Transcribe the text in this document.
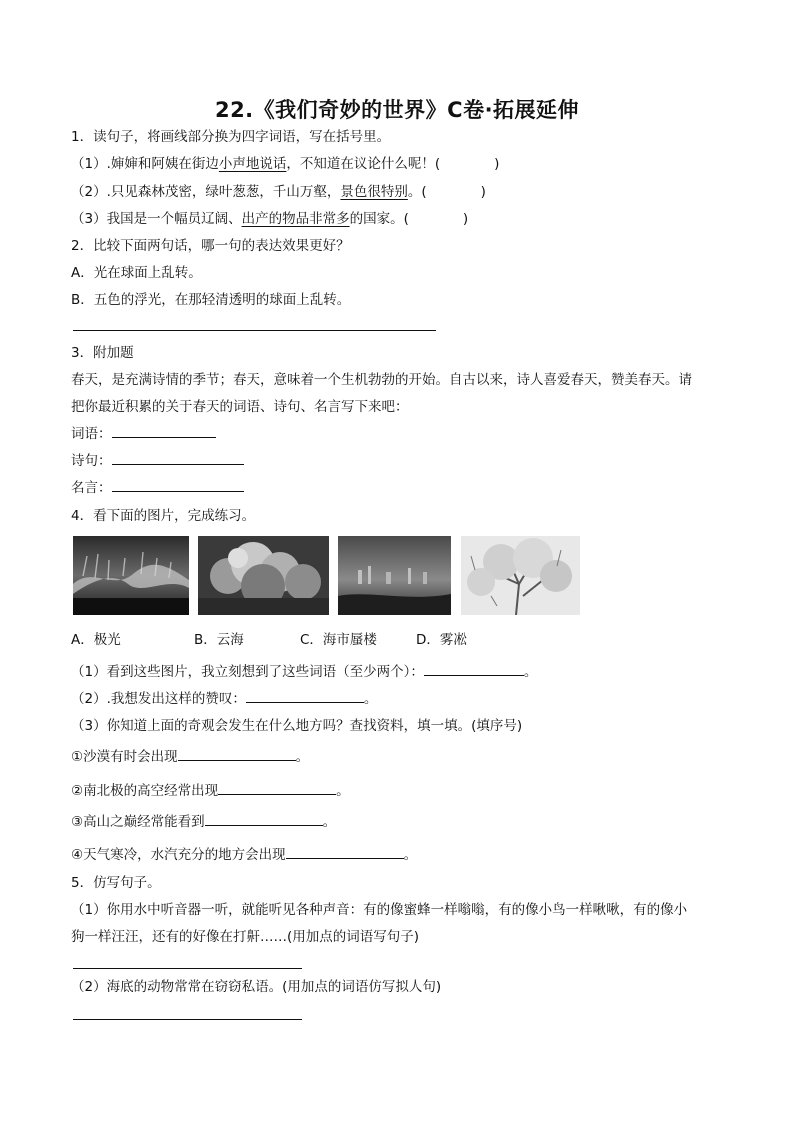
22.《我们奇妙的世界》C卷·拓展延伸
1．读句子，将画线部分换为四字词语，写在括号里。
（1）.婶婶和阿姨在街边小声地说话，不知道在议论什么呢！(　　　　)
（2）.只见森林茂密，绿叶葱葱，千山万壑，景色很特别。(　　　　)
（3）我国是一个幅员辽阔、出产的物品非常多的国家。(　　　　)
2．比较下面两句话，哪一句的表达效果更好？
A．光在球面上乱转。
B．五色的浮光，在那轻清透明的球面上乱转。
3．附加题
春天，是充满诗情的季节；春天，意味着一个生机勃勃的开始。自古以来，诗人喜爱春天，赞美春天。请
把你最近积累的关于春天的词语、诗句、名言写下来吧：
词语：
诗句：
名言：
4．看下面的图片，完成练习。
A．极光	B．云海	C．海市蜃楼	D．雾凇
（1）看到这些图片，我立刻想到了这些词语（至少两个）：	。
（2）.我想发出这样的赞叹：	。
（3）你知道上面的奇观会发生在什么地方吗？查找资料，填一填。(填序号)
①沙漠有时会出现	。
②南北极的高空经常出现	。
③高山之巅经常能看到	。
④天气寒冷，水汽充分的地方会出现	。
5．仿写句子。
（1）你用水中听音器一听，就能听见各种声音：有的像蜜蜂一样嗡嗡，有的像小鸟一样啾啾，有的像小
狗一样汪汪，还有的好像在打鼾……(用加点的词语写句子)
（2）海底的动物常常在窃窃私语。(用加点的词语仿写拟人句)
